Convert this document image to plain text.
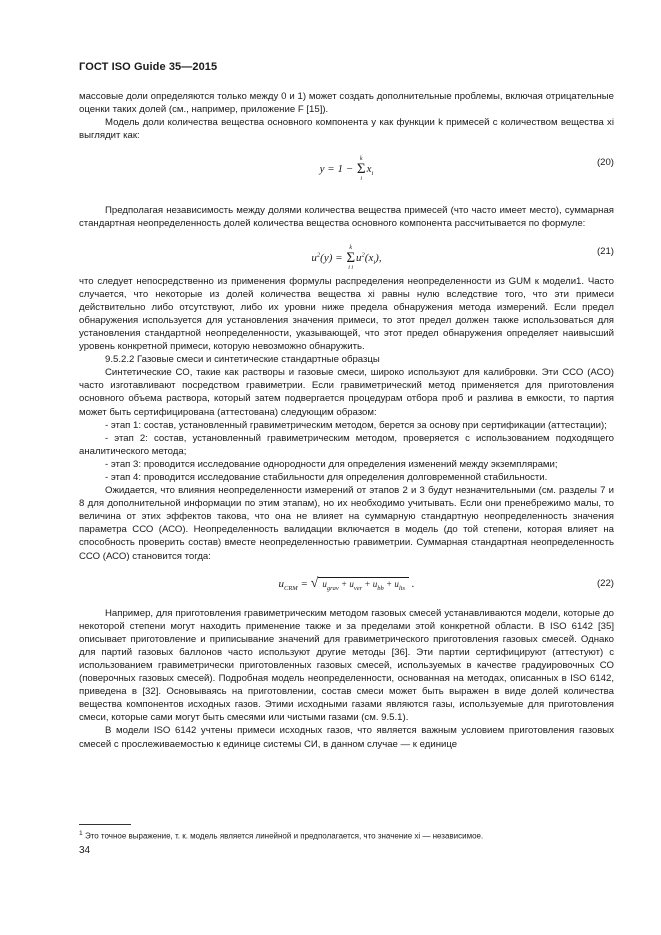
ГОСТ ISO Guide 35—2015

массовые доли определяются только между 0 и 1) может создать дополнительные проблемы, включая отрицательные оценки таких долей (см., например, приложение F [15]).

Модель доли количества вещества основного компонента y как функции k примесей с количеством вещества xi выглядит как:

y = 1 −
k
Σ
i
$x_i$
(20)

Предполагая независимость между долями количества вещества примесей (что часто имеет место), суммарная стандартная неопределенность долей количества вещества основного компонента рассчитывается по формуле:

$u^2(y)$ =
k
Σ
i i
$u^2(x_i)$,
(21)

что следует непосредственно из применения формулы распределения неопределенности из GUM к модели1. Часто случается, что некоторые из долей количества вещества xi равны нулю вследствие того, что эти примеси действительно либо отсутствуют, либо их уровни ниже предела обнаружения метода измерений. Если предел обнаружения используется для установления значения примеси, то этот предел должен также использоваться для установления стандартной неопределенности, указывающей, что этот предел обнаружения определяет наивысший уровень конкретной примеси, которую невозможно обнаружить.

9.5.2.2 Газовые смеси и синтетические стандартные образцы

Синтетические СО, такие как растворы и газовые смеси, широко используют для калибровки. Эти ССО (АСО) часто изготавливают посредством гравиметрии. Если гравиметрический метод применяется для приготовления основного объема раствора, который затем подвергается процедурам отбора проб и разлива в емкости, то партия может быть сертифицирована (аттестована) следующим образом:

- этап 1: состав, установленный гравиметрическим методом, берется за основу при сертификации (аттестации);

- этап 2: состав, установленный гравиметрическим методом, проверяется с использованием подходящего аналитического метода;

- этап 3: проводится исследование однородности для определения изменений между экземплярами;

- этап 4: проводится исследование стабильности для определения долговременной стабильности.

Ожидается, что влияния неопределенности измерений от этапов 2 и 3 будут незначительными (см. разделы 7 и 8 для дополнительной информации по этим этапам), но их необходимо учитывать. Если они пренебрежимо малы, то величина от этих эффектов такова, что она не влияет на суммарную стандартную неопределенность значения параметра ССО (АСО). Неопределенность валидации включается в модель (до той степени, которая влияет на способность проверить состав) вместе неопределенностью гравиметрии. Суммарная стандартная неопределенность ССО (АСО) становится тогда:

$u_{CRM}$ = √ $u_{grav} + u_{ver} + u_{bb} + u_{lts}$ .	(22)

Например, для приготовления гравиметрическим методом газовых смесей устанавливаются модели, которые до некоторой степени могут находить применение также и за пределами этой конкретной области. В ISO 6142 [35] описывает приготовление и приписывание значений для гравиметрического приготовления газовых смесей. Однако для партий газовых баллонов часто используют другие методы [36]. Эти партии сертифицируют (аттестуют) с использованием гравиметрически приготовленных газовых смесей, используемых в качестве градуировочных СО (поверочных газовых смесей). Подробная модель неопределенности, основанная на методах, описанных в ISO 6142, приведена в [32]. Основываясь на приготовлении, состав смеси может быть выражен в виде долей количества вещества компонентов исходных газов. Этими исходными газами являются газы, используемые для приготовления смеси, которые сами могут быть смесями или чистыми газами (см. 9.5.1).

В модели ISO 6142 учтены примеси исходных газов, что является важным условием приготовления газовых смесей с прослеживаемостью к единице системы СИ, в данном случае — к единице

$^1$ Это точное выражение, т. к. модель является линейной и предполагается, что значение xi — независимое.
34
